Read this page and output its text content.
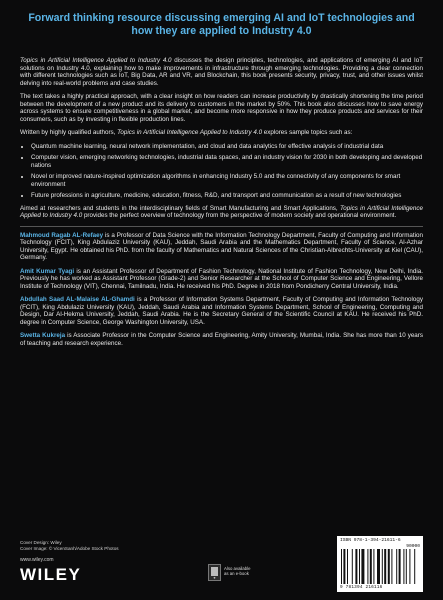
Forward thinking resource discussing emerging AI and IoT technologies and how they are applied to Industry 4.0

Topics in Artificial Intelligence Applied to Industry 4.0 discusses the design principles, technologies, and applications of emerging AI and IoT solutions on Industry 4.0, explaining how to make improvements in infrastructure through emerging technologies. Providing a clear connection with different technologies such as IoT, Big Data, AR and VR, and Blockchain, this book presents security, privacy, trust, and other issues whilst delving into real-world problems and case studies.

The text takes a highly practical approach, with a clear insight on how readers can increase productivity by drastically shortening the time period between the development of a new product and its delivery to customers in the market by 50%. This book also discusses how to save energy across systems to ensure competitiveness in a global market, and become more responsive in how they produce products and services for their consumers, such as by investing in flexible production lines.

Written by highly qualified authors, Topics in Artificial Intelligence Applied to Industry 4.0 explores sample topics such as:

• Quantum machine learning, neural network implementation, and cloud and data analytics for effective analysis of industrial data
• Computer vision, emerging networking technologies, industrial data spaces, and an industry vision for 2030 in both developing and developed nations
• Novel or improved nature-inspired optimization algorithms in enhancing Industry 5.0 and the connectivity of any components for smart environment
• Future professions in agriculture, medicine, education, fitness, R&D, and transport and communication as a result of new technologies

Aimed at researchers and students in the interdisciplinary fields of Smart Manufacturing and Smart Applications, Topics in Artificial Intelligence Applied to Industry 4.0 provides the perfect overview of technology from the perspective of modern society and operational environment.

Mahmoud Ragab AL-Refaey is a Professor of Data Science with the Information Technology Department, Faculty of Computing and Information Technology (FCIT), King Abdulaziz University (KAU), Jeddah, Saudi Arabia and the Mathematics Department, Faculty of Science, Al-Azhar University, Egypt. He obtained his PhD. from the faculty of Mathematics and Natural Sciences of the Christian-Albrechts-University at Kiel (CAU), Germany.

Amit Kumar Tyagi is an Assistant Professor of Department of Fashion Technology, National Institute of Fashion Technology, New Delhi, India. Previously he has worked as Assistant Professor (Grade-2) and Senior Researcher at the School of Computer Science and Engineering, Vellore Institute of Technology (VIT), Chennai, Tamilnadu, India. He received his PhD. Degree in 2018 from Pondicherry Central University, India.

Abdullah Saad AL-Malaise AL-Ghamdi is a Professor of Information Systems Department, Faculty of Computing and Information Technology (FCIT), King Abdulaziz University (KAU), Jeddah, Saudi Arabia and Information Systems Department, School of Engineering, Computing and Design, Dar Al-Hekma University, Jeddah, Saudi Arabia. He is the Secretary General of the Scientific Council at KAU. He received his PhD. degree in Computer Science, George Washington University, USA.

Swetta Kukreja is Associate Professor in the Computer Science and Engineering, Amity University, Mumbai, India. She has more than 10 years of teaching and research experience.

Cover Design: Wiley
Cover Image: © VicenSanh/Adobe Stock Photos
www.wiley.com
WILEY	Also available
as an e-book
ISBN 978-1-394-21611-6
90000
9 781394 216116
